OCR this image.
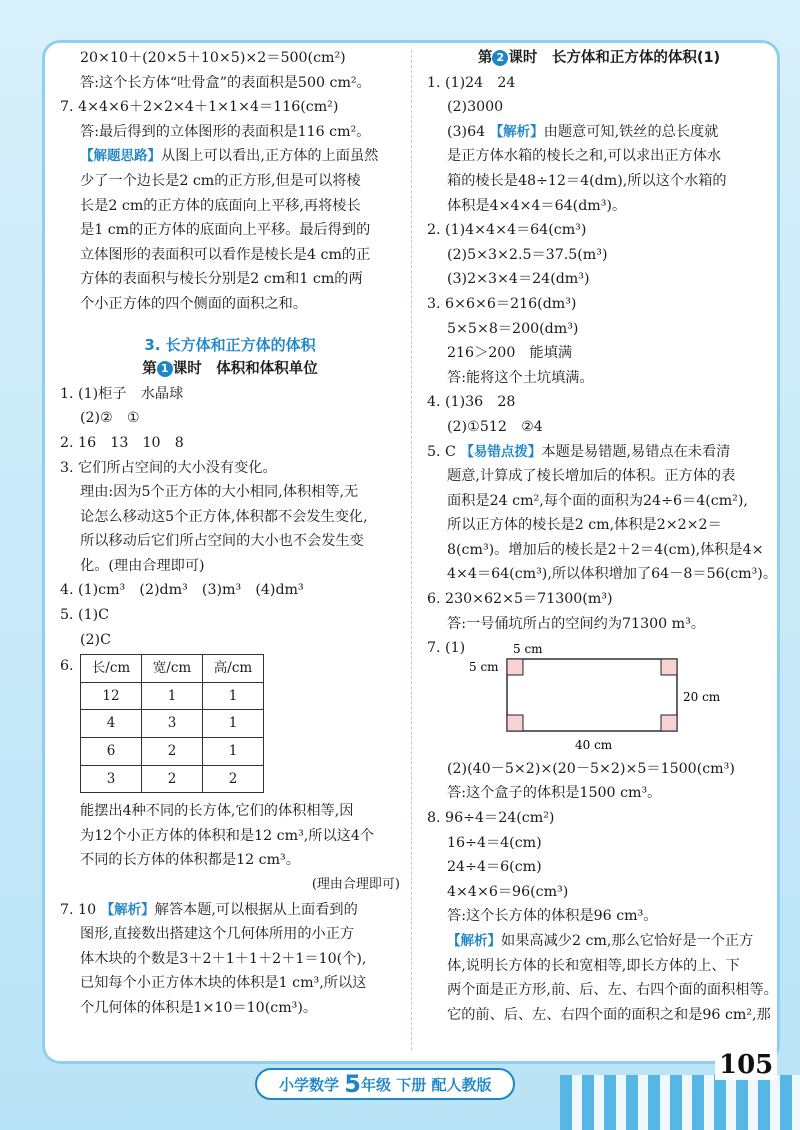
20×10＋(20×5＋10×5)×2＝500(cm²)
答:这个长方体“吐骨盒”的表面积是500 cm²。
7. 4×4×6＋2×2×4＋1×1×4＝116(cm²)
答:最后得到的立体图形的表面积是116 cm²。
【解题思路】从图上可以看出,正方体的上面虽然
少了一个边长是2 cm的正方形,但是可以将棱
长是2 cm的正方体的底面向上平移,再将棱长
是1 cm的正方体的底面向上平移。最后得到的
立体图形的表面积可以看作是棱长是4 cm的正
方体的表面积与棱长分别是2 cm和1 cm的两
个小正方体的四个侧面的面积之和。
3. 长方体和正方体的体积
第 1 课时　体积和体积单位
1. (1)柜子　水晶球
(2)②　①
2. 16　13　10　8
3. 它们所占空间的大小没有变化。
理由:因为5个正方体的大小相同,体积相等,无
论怎么移动这5个正方体,体积都不会发生变化,
所以移动后它们所占空间的大小也不会发生变
化。(理由合理即可)
4. (1)cm³　(2)dm³　(3)m³　(4)dm³
5. (1)C
(2)C
6. 长/cm	宽/cm	高/cm
12	1	1
4	3	1
6	2	1
3	2	2
能摆出4种不同的长方体,它们的体积相等,因
为12个小正方体的体积和是12 cm³,所以这4个
不同的长方体的体积都是12 cm³。
(理由合理即可)
7. 10 【解析】解答本题,可以根据从上面看到的
图形,直接数出搭建这个几何体所用的小正方
体木块的个数是3＋2＋1＋1＋2＋1＝10(个),
已知每个小正方体木块的体积是1 cm³,所以这
个几何体的体积是1×10＝10(cm³)。
第 2 课时　长方体和正方体的体积(1)
1. (1)24　24
(2)3000
(3)64 【解析】由题意可知,铁丝的总长度就
是正方体水箱的棱长之和,可以求出正方体水
箱的棱长是48÷12＝4(dm),所以这个水箱的
体积是4×4×4＝64(dm³)。
2. (1)4×4×4＝64(cm³)
(2)5×3×2.5＝37.5(m³)
(3)2×3×4＝24(dm³)
3. 6×6×6＝216(dm³)
5×5×8＝200(dm³)
216＞200　能填满
答:能将这个土坑填满。
4. (1)36　28
(2)①512　②4
5. C 【易错点拨】本题是易错题,易错点在未看清
题意,计算成了棱长增加后的体积。正方体的表
面积是24 cm²,每个面的面积为24÷6＝4(cm²),
所以正方体的棱长是2 cm,体积是2×2×2＝
8(cm³)。增加后的棱长是2＋2＝4(cm),体积是4×
4×4＝64(cm³),所以体积增加了64－8＝56(cm³)。
6. 230×62×5＝71300(m³)
答:一号俑坑所占的空间约为71300 m³。
7. (1)	5 cm
5 cm
20 cm
40 cm
(2)(40－5×2)×(20－5×2)×5＝1500(cm³)
答:这个盒子的体积是1500 cm³。
8. 96÷4＝24(cm²)
16÷4＝4(cm)
24÷4＝6(cm)
4×4×6＝96(cm³)
答:这个长方体的体积是96 cm³。
【解析】如果高减少2 cm,那么它恰好是一个正方
体,说明长方体的长和宽相等,即长方体的上、下
两个面是正方形,前、后、左、右四个面的面积相等。
它的前、后、左、右四个面的面积之和是96 cm²,那
小学数学 5年级 下册 配人教版
105
